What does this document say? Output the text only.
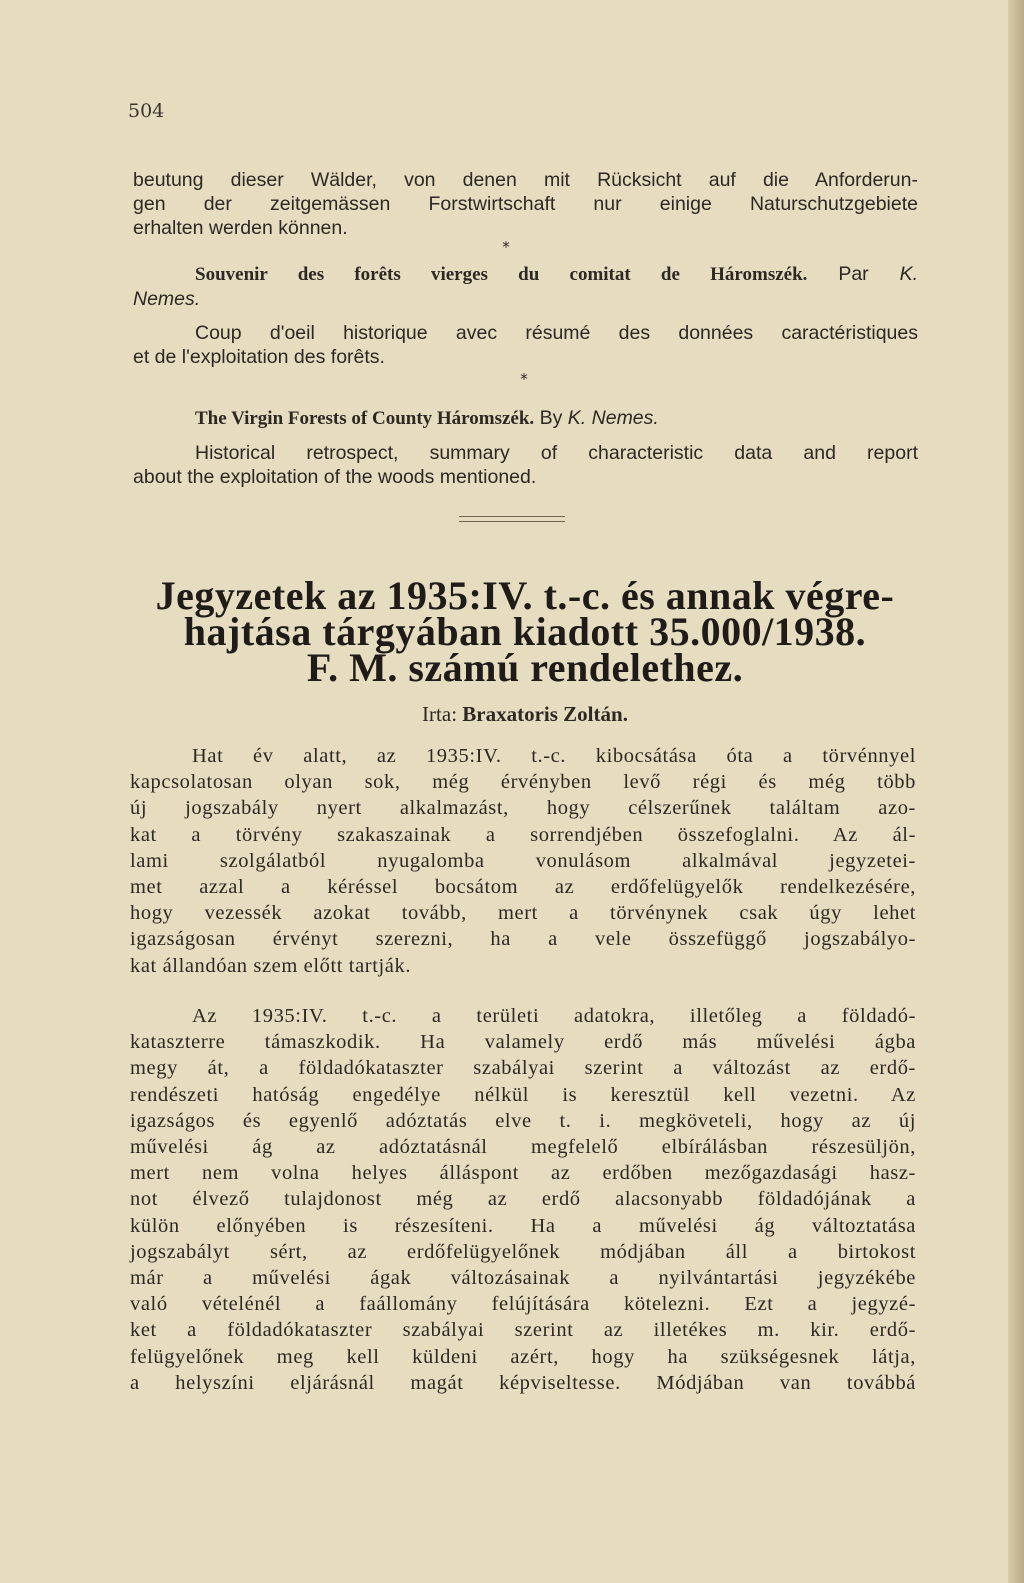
504

beutung dieser Wälder, von denen mit Rücksicht auf die Anforderun-

gen der zeitgemässen Forstwirtschaft nur einige Naturschutzgebiete

erhalten werden können.

*

Souvenir des forêts vierges du comitat de Háromszék. Par K.

Nemes.

Coup d'oeil historique avec résumé des données caractéristiques

et de l'exploitation des forêts.

*

The Virgin Forests of County Háromszék. By K. Nemes.

Historical retrospect, summary of characteristic data and report

about the exploitation of the woods mentioned.

Jegyzetek az 1935:IV. t.-c. és annak végre-
hajtása tárgyában kiadott 35.000/1938.
F. M. számú rendelethez.
Irta: Braxatoris Zoltán.
Hat év alatt, az 1935:IV. t.-c. kibocsátása óta a törvénnyel
kapcsolatosan olyan sok, még érvényben levő régi és még több
új jogszabály nyert alkalmazást, hogy célszerűnek találtam azo-
kat a törvény szakaszainak a sorrendjében összefoglalni. Az ál-
lami szolgálatból nyugalomba vonulásom alkalmával jegyzetei-
met azzal a kéréssel bocsátom az erdőfelügyelők rendelkezésére,
hogy vezessék azokat tovább, mert a törvénynek csak úgy lehet
igazságosan érvényt szerezni, ha a vele összefüggő jogszabályo-
kat állandóan szem előtt tartják.
Az 1935:IV. t.-c. a területi adatokra, illetőleg a földadó-
kataszterre támaszkodik. Ha valamely erdő más művelési ágba
megy át, a földadókataszter szabályai szerint a változást az erdő-
rendészeti hatóság engedélye nélkül is keresztül kell vezetni. Az
igazságos és egyenlő adóztatás elve t. i. megköveteli, hogy az új
művelési ág az adóztatásnál megfelelő elbírálásban részesüljön,
mert nem volna helyes álláspont az erdőben mezőgazdasági hasz-
not élvező tulajdonost még az erdő alacsonyabb földadójának a
külön előnyében is részesíteni. Ha a művelési ág változtatása
jogszabályt sért, az erdőfelügyelőnek módjában áll a birtokost
már a művelési ágak változásainak a nyilvántartási jegyzékébe
való vételénél a faállomány felújítására kötelezni. Ezt a jegyzé-
ket a földadókataszter szabályai szerint az illetékes m. kir. erdő-
felügyelőnek meg kell küldeni azért, hogy ha szükségesnek látja,
a helyszíni eljárásnál magát képviseltesse. Módjában van továbbá
